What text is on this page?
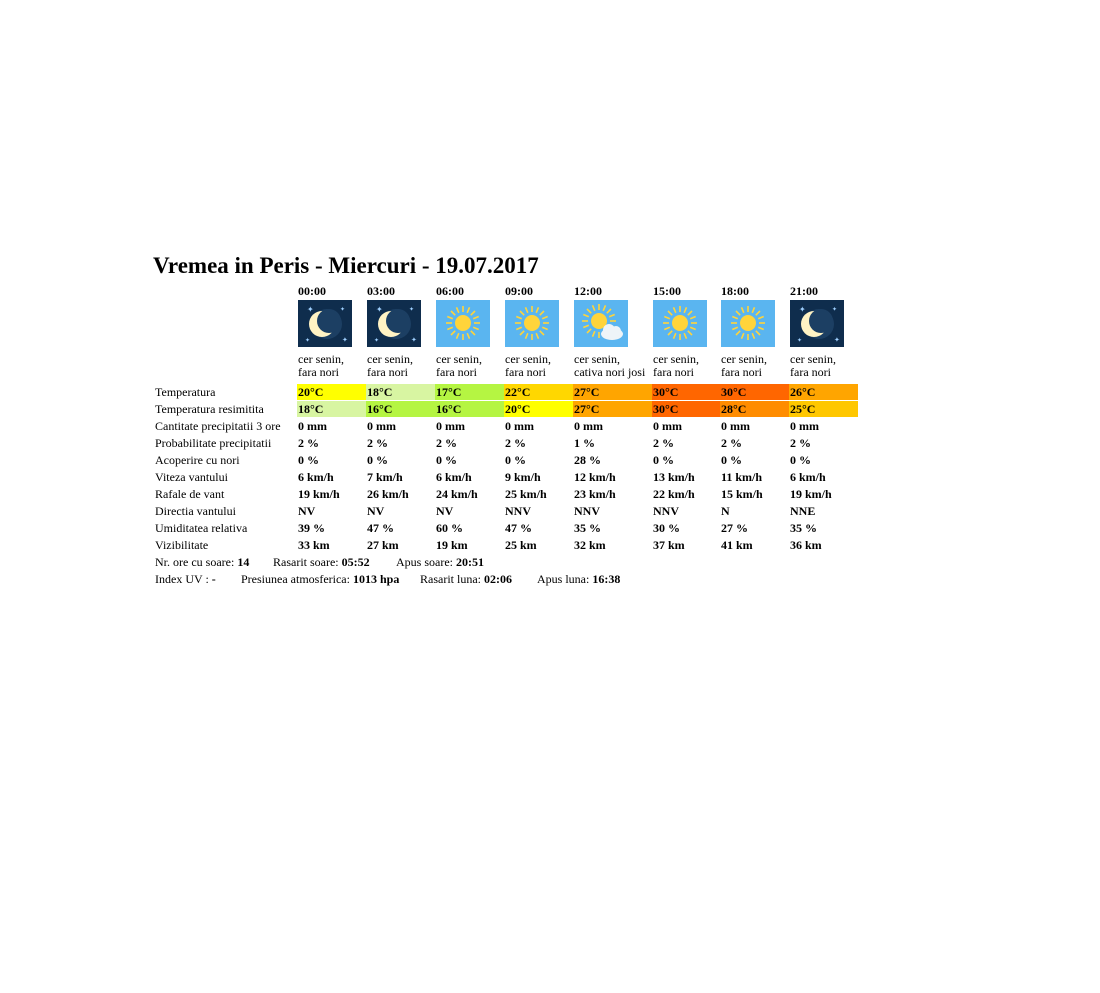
Vremea in Peris - Miercuri - 19.07.2017
00:00	03:00	06:00	09:00	12:00	15:00	18:00	21:00
✦	✦
✦	✦
✦	✦
✦	✦
✦	✦
✦	✦
cer senin,
fara nori
cer senin,
fara nori
cer senin,
fara nori
cer senin,
fara nori
cer senin,
cativa nori josi
cer senin,
fara nori
cer senin,
fara nori
cer senin,
fara nori
Temperatura	20°C	18°C	17°C	22°C	27°C	30°C	30°C	26°C
Temperatura resimitita	18°C	16°C	16°C	20°C	27°C	30°C	28°C	25°C
Cantitate precipitatii 3 ore 0 mm	0 mm	0 mm	0 mm	0 mm	0 mm	0 mm	0 mm
Probabilitate precipitatii 2 %	2 %	2 %	2 %	1 %	2 %	2 %	2 %
Acoperire cu nori	0 %	0 %	0 %	0 %	28 %	0 %	0 %	0 %
Viteza vantului	6 km/h	7 km/h	6 km/h	9 km/h	12 km/h	13 km/h 11 km/h 6 km/h
Rafale de vant	19 km/h 26 km/h 24 km/h 25 km/h 23 km/h	22 km/h 15 km/h 19 km/h
Directia vantului	NV	NV	NV	NNV	NNV	NNV	N	NNE
Umiditatea relativa	39 %	47 %	60 %	47 %	35 %	30 %	27 %	35 %
Vizibilitate	33 km	27 km	19 km	25 km	32 km	37 km	41 km	36 km
Nr. ore cu soare: 14 Rasarit soare: 05:52 Apus soare: 20:51
Index UV : - Presiunea atmosferica: 1013 hpa Rasarit luna: 02:06 Apus luna: 16:38
